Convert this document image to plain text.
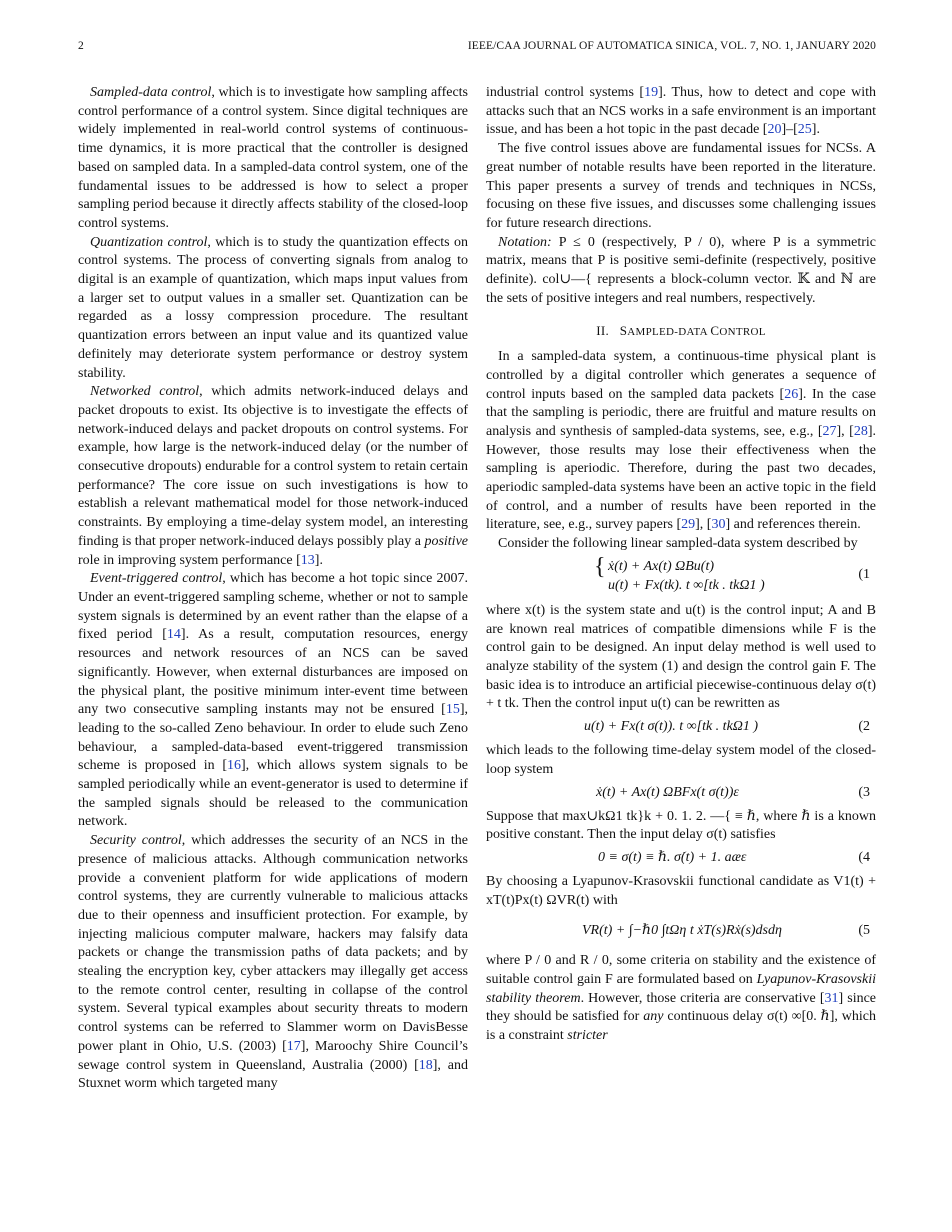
2	IEEE/CAA JOURNAL OF AUTOMATICA SINICA, VOL. 7, NO. 1, JANUARY 2020

Sampled-data control, which is to investigate how sampling affects control performance of a control system. Since digital techniques are widely implemented in real-world control systems of continuous-time dynamics, it is more practical that the controller is designed based on sampled data. In a sampled-data control system, one of the fundamental issues to be addressed is how to select a proper sampling period because it directly affects stability of the closed-loop control systems.

Quantization control, which is to study the quantization effects on control systems. The process of converting signals from analog to digital is an example of quantization, which maps input values from a larger set to output values in a smaller set. Quantization can be regarded as a lossy compression procedure. The resultant quantization errors between an input value and its quantized value definitely may deteriorate system performance or destroy system stability.

Networked control, which admits network-induced delays and packet dropouts to exist. Its objective is to investigate the effects of network-induced delays and packet dropouts on control systems. For example, how large is the network-induced delay (or the number of consecutive dropouts) endurable for a control system to retain certain performance? The core issue on such investigations is how to establish a relevant mathematical model for those network-induced constraints. By employing a time-delay system model, an interesting finding is that proper network-induced delays possibly play a positive role in improving system performance [13].

Event-triggered control, which has become a hot topic since 2007. Under an event-triggered sampling scheme, whether or not to sample system signals is determined by an event rather than the elapse of a fixed period [14]. As a result, computation resources, energy resources and network resources of an NCS can be saved significantly. However, when external disturbances are imposed on the physical plant, the positive minimum inter-event time between any two consecutive sampling instants may not be ensured [15], leading to the so-called Zeno behaviour. In order to elude such Zeno behaviour, a sampled-data-based event-triggered transmission scheme is proposed in [16], which allows system signals to be sampled periodically while an event-generator is used to determine if the sampled signals should be released to the communication network.

Security control, which addresses the security of an NCS in the presence of malicious attacks. Although communication networks provide a convenient platform for wide applications of modern control systems, they are currently vulnerable to malicious attacks due to their openness and insufficient protection. For example, by injecting malicious computer malware, hackers may falsify data packets or change the transmission paths of data packets; and by stealing the encryption key, cyber attackers may illegally get access to the remote control center, resulting in collapse of the control system. Several typical examples about security threats to modern control systems can be referred to Slammer worm on DavisBesse power plant in Ohio, U.S. (2003) [17], Maroochy Shire Council’s sewage control system in Queensland, Australia (2000) [18], and Stuxnet worm which targeted many

industrial control systems [19]. Thus, how to detect and cope with attacks such that an NCS works in a safe environment is an important issue, and has been a hot topic in the past decade [20]–[25].

The five control issues above are fundamental issues for NCSs. A great number of notable results have been reported in the literature. This paper presents a survey of trends and techniques in NCSs, focusing on these five issues, and discusses some challenging issues for future research directions.

Notation: P ≤ 0 (respectively, P / 0), where P is a symmetric matrix, means that P is positive semi-definite (respectively, positive definite). col∪—{ represents a block-column vector. 𝕂 and ℕ are the sets of positive integers and real numbers, respectively.

II. SAMPLED-DATA CONTROL

In a sampled-data system, a continuous-time physical plant is controlled by a digital controller which generates a sequence of control inputs based on the sampled data packets [26]. In the case that the sampling is periodic, there are fruitful and mature results on analysis and synthesis of sampled-data systems, see, e.g., [27], [28]. However, those results may lose their effectiveness when the sampling is aperiodic. Therefore, during the past two decades, aperiodic sampled-data systems have been an active topic in the field of control, and a number of results have been reported in the literature, see, e.g., survey papers [29], [30] and references therein.

Consider the following linear sampled-data system described by

{ ẋ(t) + Ax(t) ΩBu(t)
u(t) + Fx(tk). t ∞[tk . tkΩ1 )
(1

where x(t) is the system state and u(t) is the control input; A and B are known real matrices of compatible dimensions while F is the control gain to be designed. An input delay method is well used to analyze stability of the system (1) and design the control gain F. The basic idea is to introduce an artificial piecewise-continuous delay σ(t) + t tk. Then the control input u(t) can be rewritten as

u(t) + Fx(t σ(t)). t ∞[tk . tkΩ1 )	(2

which leads to the following time-delay system model of the closed-loop system

ẋ(t) + Ax(t) ΩBFx(t σ(t))ε	(3

Suppose that max∪kΩ1 tk}k + 0. 1. 2. —{ ≡ ℏ, where ℏ is a known positive constant. Then the input delay σ(t) satisfies

0 ≡ σ(t) ≡ ℏ. σ̇(t) + 1. aæε	(4

By choosing a Lyapunov-Krasovskii functional candidate as V1(t) + xT(t)Px(t) ΩVR(t) with

VR(t) + ∫−ℏ0 ∫tΩη t ẋT(s)Rẋ(s)dsdη	(5

where P / 0 and R / 0, some criteria on stability and the existence of suitable control gain F are formulated based on Lyapunov-Krasovskii stability theorem. However, those criteria are conservative [31] since they should be satisfied for any continuous delay σ(t) ∞[0. ℏ], which is a constraint stricter
